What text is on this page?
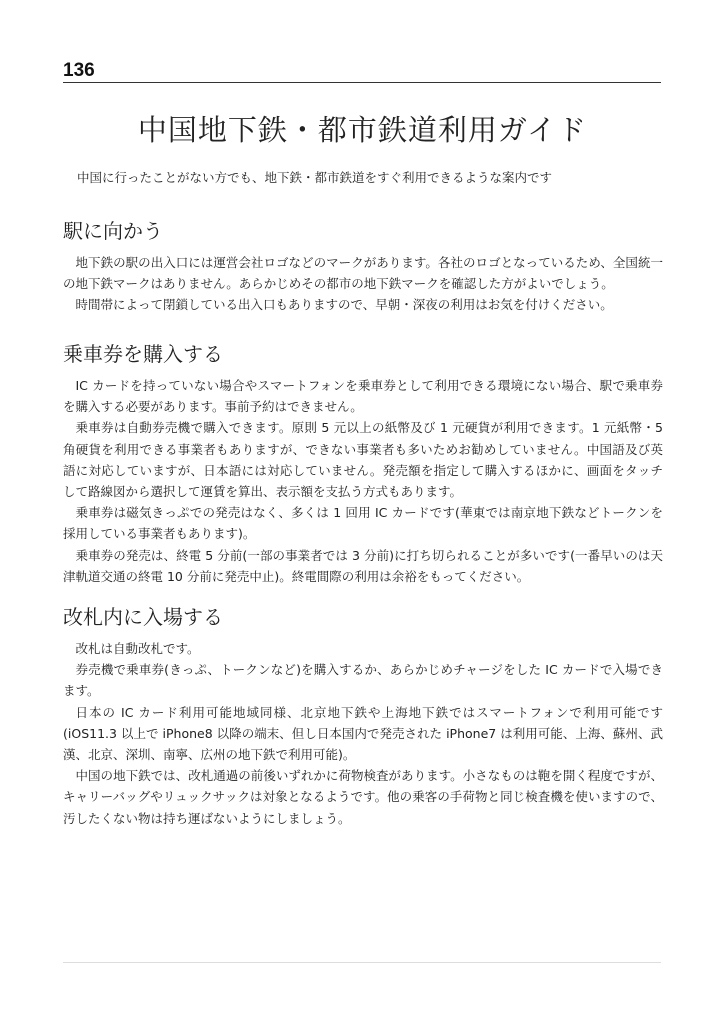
136
中国地下鉄・都市鉄道利用ガイド
中国に行ったことがない方でも、地下鉄・都市鉄道をすぐ利用できるような案内です
駅に向かう

地下鉄の駅の出入口には運営会社ロゴなどのマークがあります。各社のロゴとなっているため、全国統一の地下鉄マークはありません。あらかじめその都市の地下鉄マークを確認した方がよいでしょう。

時間帯によって閉鎖している出入口もありますので、早朝・深夜の利用はお気を付けください。

乗車券を購入する

IC カードを持っていない場合やスマートフォンを乗車券として利用できる環境にない場合、駅で乗車券を購入する必要があります。事前予約はできません。

乗車券は自動券売機で購入できます。原則 5 元以上の紙幣及び 1 元硬貨が利用できます。1 元紙幣・5 角硬貨を利用できる事業者もありますが、できない事業者も多いためお勧めしていません。中国語及び英語に対応していますが、日本語には対応していません。発売額を指定して購入するほかに、画面をタッチして路線図から選択して運賃を算出、表示額を支払う方式もあります。

乗車券は磁気きっぷでの発売はなく、多くは 1 回用 IC カードです(華東では南京地下鉄などトークンを採用している事業者もあります)。

乗車券の発売は、終電 5 分前(一部の事業者では 3 分前)に打ち切られることが多いです(一番早いのは天津軌道交通の終電 10 分前に発売中止)。終電間際の利用は余裕をもってください。

改札内に入場する

改札は自動改札です。

券売機で乗車券(きっぷ、トークンなど)を購入するか、あらかじめチャージをした IC カードで入場できます。

日本の IC カード利用可能地域同様、北京地下鉄や上海地下鉄ではスマートフォンで利用可能です(iOS11.3 以上で iPhone8 以降の端末、但し日本国内で発売された iPhone7 は利用可能、上海、蘇州、武漢、北京、深圳、南寧、広州の地下鉄で利用可能)。

中国の地下鉄では、改札通過の前後いずれかに荷物検査があります。小さなものは鞄を開く程度ですが、キャリーバッグやリュックサックは対象となるようです。他の乗客の手荷物と同じ検査機を使いますので、汚したくない物は持ち運ばないようにしましょう。
